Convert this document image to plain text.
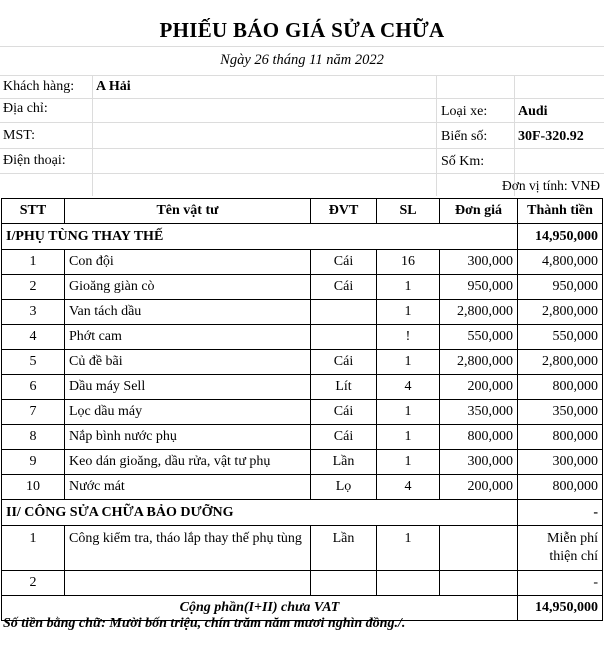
PHIẾU BÁO GIÁ SỬA CHỮA
Ngày 26 tháng 11 năm 2022
Khách hàng: A Hải
Địa chỉ:
MST:
Điện thoại:
Loại xe: Audi
Biển số: 30F-320.92
Số Km:
Đơn vị tính: VNĐ
STT	Tên vật tư	ĐVT	SL	Đơn giá	Thành tiền
I/PHỤ TÙNG THAY THẾ					14,950,000
1	Con đội	Cái	16	300,000	4,800,000
2	Gioăng giàn cò	Cái	1	950,000	950,000
3	Van tách dầu		1	2,800,000	2,800,000
4	Phớt cam		!	550,000	550,000
5	Củ đề bãi	Cái	1	2,800,000	2,800,000
6	Dầu máy Sell	Lít	4	200,000	800,000
7	Lọc dầu máy	Cái	1	350,000	350,000
8	Nắp bình nước phụ	Cái	1	800,000	800,000
9	Keo dán gioăng, dầu rửa, vật tư phụ	Lần	1	300,000	300,000
10	Nước mát	Lọ	4	200,000	800,000
II/ CÔNG SỬA CHỮA BẢO DƯỠNG					-
1	Công kiểm tra, tháo lắp thay thế phụ tùng	Lần	1		Miễn phí thiện chí
2					-
Cộng phần(I+II) chưa VAT					14,950,000
Số tiền bằng chữ: Mười bốn triệu, chín trăm năm mươi nghìn đồng./.
